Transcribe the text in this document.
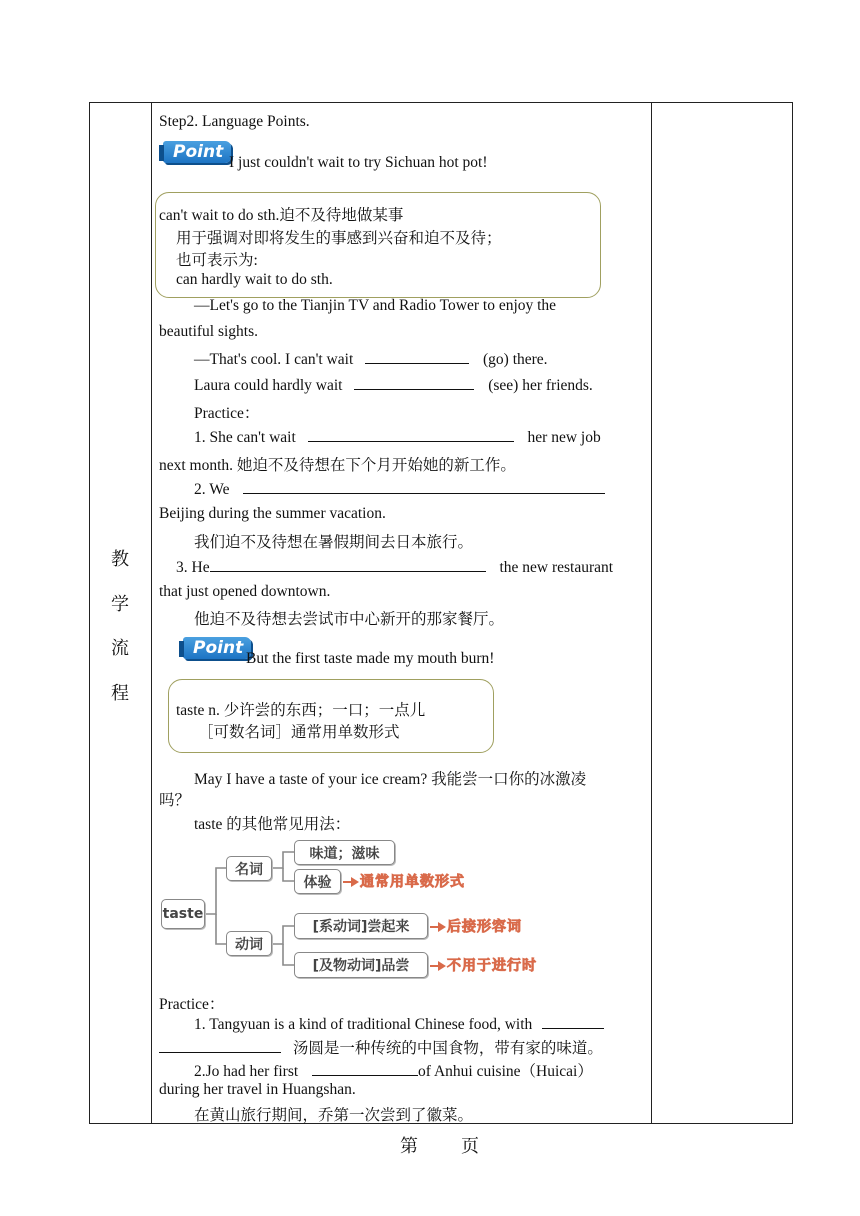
教
学
流
程
Step2. Language Points.
Point
I just couldn't wait to try Sichuan hot pot!
can't wait to do sth.迫不及待地做某事
用于强调对即将发生的事感到兴奋和迫不及待；
也可表示为:
can hardly wait to do sth.
—Let's go to the Tianjin TV and Radio Tower to enjoy the
beautiful sights.
—That's cool. I can't wait	(go) there.
Laura could hardly wait	(see) her friends.
Practice：
1. She can't wait	her new job
next month. 她迫不及待想在下个月开始她的新工作。
2. We
Beijing during the summer vacation.
我们迫不及待想在暑假期间去日本旅行。
3. He	the new restaurant
that just opened downtown.
他迫不及待想去尝试市中心新开的那家餐厅。
Point
But the first taste made my mouth burn!
taste n. 少许尝的东西；一口；一点儿
［可数名词］通常用单数形式
May I have a taste of your ice cream? 我能尝一口你的冰激凌
吗？
taste 的其他常见用法：
taste
名词
动词
味道；滋味
体验
[系动词]尝起来
[及物动词]品尝
通常用单数形式
后接形容词
不用于进行时
Practice：
1. Tangyuan is a kind of traditional Chinese food, with
汤圆是一种传统的中国食物，带有家的味道。
2.Jo had her first	of Anhui cuisine（Huicai）
during her travel in Huangshan.
在黄山旅行期间，乔第一次尝到了徽菜。
第 页
